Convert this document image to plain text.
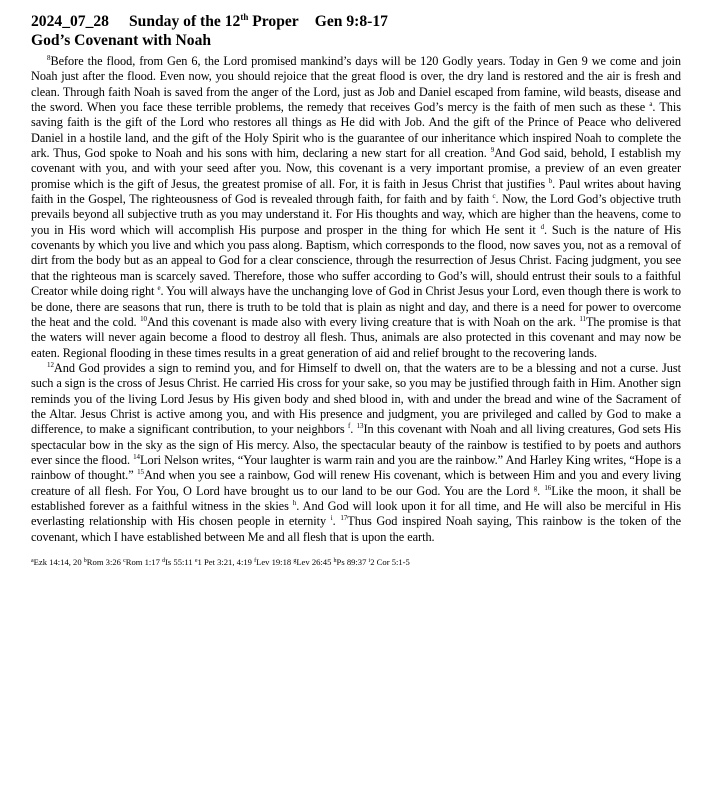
2024_07_28 Sunday of the 12th Proper Gen 9:8-17
God’s Covenant with Noah

$^8$Before the flood, from Gen 6, the Lord promised mankind’s days will be 120 Godly years. Today in Gen 9 we come and join Noah just after the flood. Even now, you should rejoice that the great flood is over, the dry land is restored and the air is fresh and clean. Through faith Noah is saved from the anger of the Lord, just as Job and Daniel escaped from famine, wild beasts, disease and the sword. When you face these terrible problems, the remedy that receives God’s mercy is the faith of men such as these $^a$. This saving faith is the gift of the Lord who restores all things as He did with Job. And the gift of the Prince of Peace who delivered Daniel in a hostile land, and the gift of the Holy Spirit who is the guarantee of our inheritance which inspired Noah to complete the ark. Thus, God spoke to Noah and his sons with him, declaring a new start for all creation. $^9$And God said, behold, I establish my covenant with you, and with your seed after you. Now, this covenant is a very important promise, a preview of an even greater promise which is the gift of Jesus, the greatest promise of all. For, it is faith in Jesus Christ that justifies $^b$. Paul writes about having faith in the Gospel, The righteousness of God is revealed through faith, for faith and by faith $^c$. Now, the Lord God’s objective truth prevails beyond all subjective truth as you may understand it. For His thoughts and way, which are higher than the heavens, come to you in His word which will accomplish His purpose and prosper in the thing for which He sent it $^d$. Such is the nature of His covenants by which you live and which you pass along. Baptism, which corresponds to the flood, now saves you, not as a removal of dirt from the body but as an appeal to God for a clear conscience, through the resurrection of Jesus Christ. Facing judgment, you see that the righteous man is scarcely saved. Therefore, those who suffer according to God’s will, should entrust their souls to a faithful Creator while doing right $^e$. You will always have the unchanging love of God in Christ Jesus your Lord, even though there is work to be done, there are seasons that run, there is truth to be told that is plain as night and day, and there is a need for power to overcome the heat and the cold. $^{10}$And this covenant is made also with every living creature that is with Noah on the ark. $^{11}$The promise is that the waters will never again become a flood to destroy all flesh. Thus, animals are also protected in this covenant and may now be eaten. Regional flooding in these times results in a great generation of aid and relief brought to the recovering lands.

$^{12}$And God provides a sign to remind you, and for Himself to dwell on, that the waters are to be a blessing and not a curse. Just such a sign is the cross of Jesus Christ. He carried His cross for your sake, so you may be justified through faith in Him. Another sign reminds you of the living Lord Jesus by His given body and shed blood in, with and under the bread and wine of the Sacrament of the Altar. Jesus Christ is active among you, and with His presence and judgment, you are privileged and called by God to make a difference, to make a significant contribution, to your neighbors $^f$. $^{13}$In this covenant with Noah and all living creatures, God sets His spectacular bow in the sky as the sign of His mercy. Also, the spectacular beauty of the rainbow is testified to by poets and authors ever since the flood. $^{14}$Lori Nelson writes, “Your laughter is warm rain and you are the rainbow.” And Harley King writes, “Hope is a rainbow of thought.” $^{15}$And when you see a rainbow, God will renew His covenant, which is between Him and you and every living creature of all flesh. For You, O Lord have brought us to our land to be our God. You are the Lord $^g$. $^{16}$Like the moon, it shall be established forever as a faithful witness in the skies $^h$. And God will look upon it for all time, and He will also be merciful in His everlasting relationship with His chosen people in eternity $^i$. $^{17}$Thus God inspired Noah saying, This rainbow is the token of the covenant, which I have established between Me and all flesh that is upon the earth.

$^a$Ezk 14:14, 20 $^b$Rom 3:26 $^c$Rom 1:17 $^d$Is 55:11 $^e$1 Pet 3:21, 4:19 $^f$Lev 19:18 $^g$Lev 26:45 $^h$Ps 89:37 $^i$2 Cor 5:1-5
